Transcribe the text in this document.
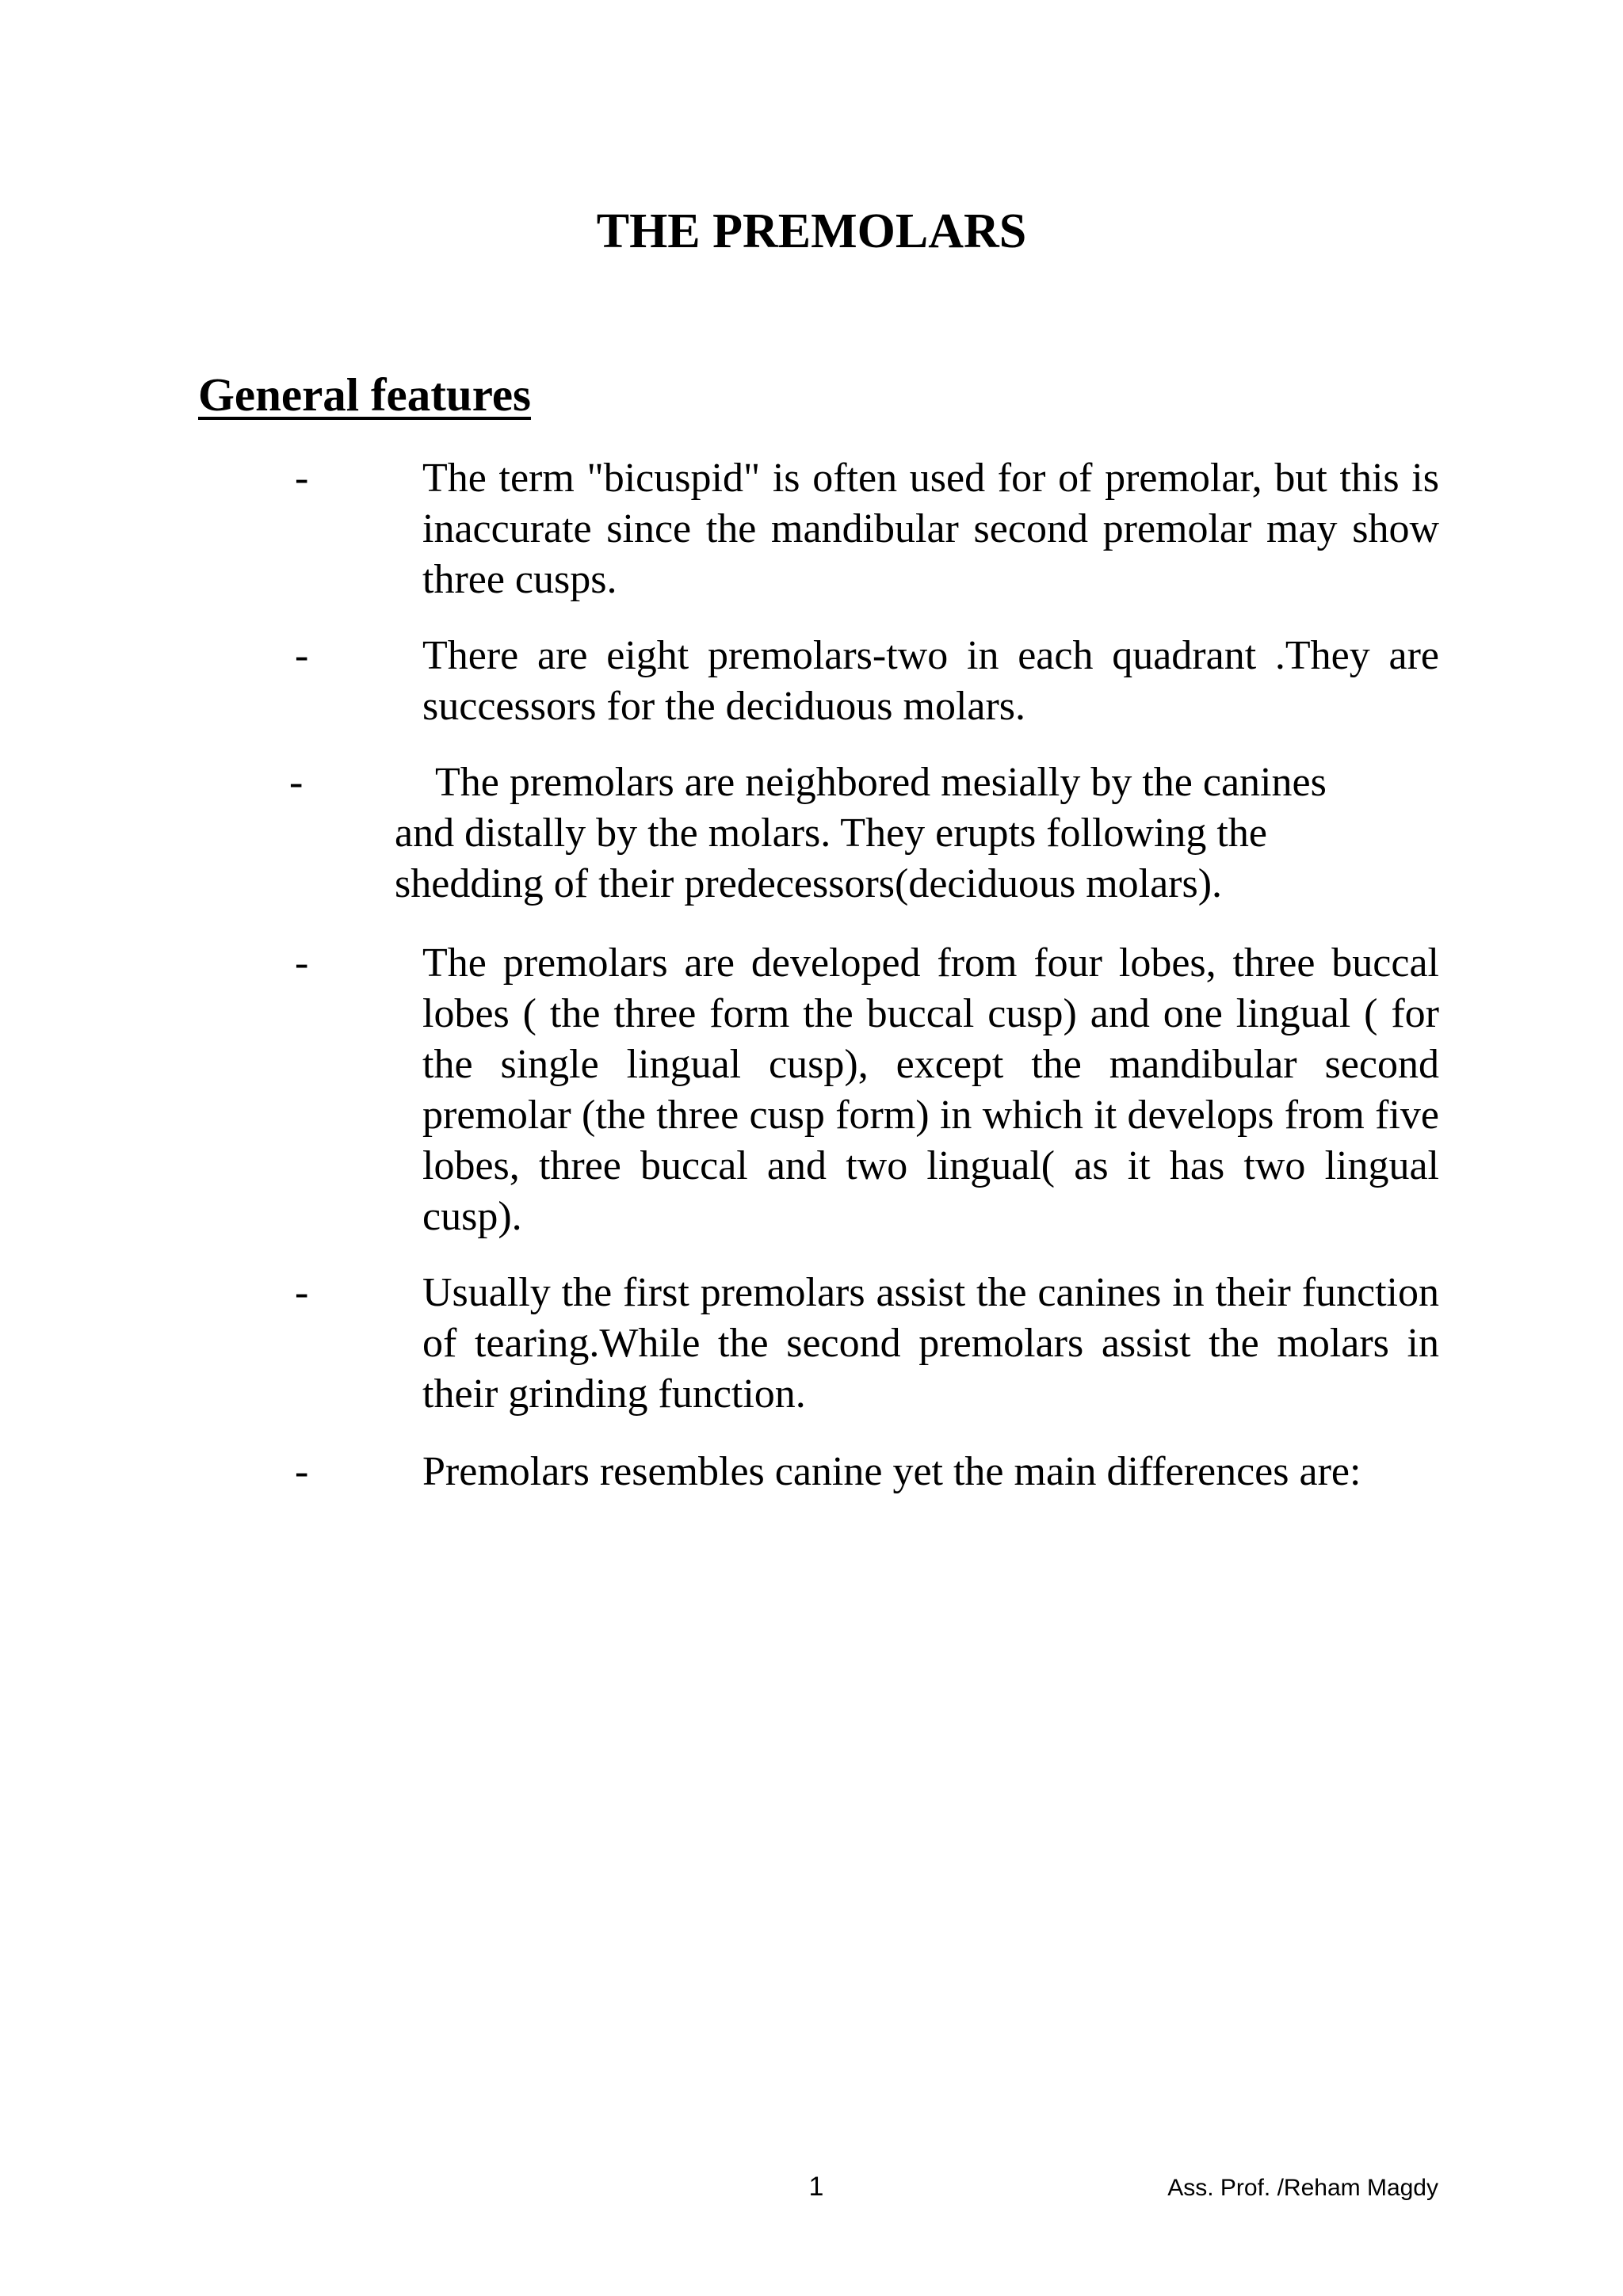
THE PREMOLARS
General features
-	The term "bicuspid" is often used for of premolar, but this is inaccurate since the mandibular second premolar may show three cusps.
-	There are eight premolars-two in each quadrant .They are successors for the deciduous molars.
-	The premolars are neighbored mesially by the canines
and distally by the molars. They erupts following the shedding of their predecessors(deciduous molars).
-	The premolars are developed from four lobes, three buccal lobes ( the three form the buccal cusp) and one lingual ( for the single lingual cusp), except the mandibular second premolar (the three cusp form) in which it develops from five lobes, three buccal and two lingual( as it has two lingual cusp).
-	Usually the first premolars assist the canines in their function of tearing.While the second premolars assist the molars in their grinding function.
-	Premolars resembles canine yet the main differences are:
1	Ass. Prof. /Reham Magdy
